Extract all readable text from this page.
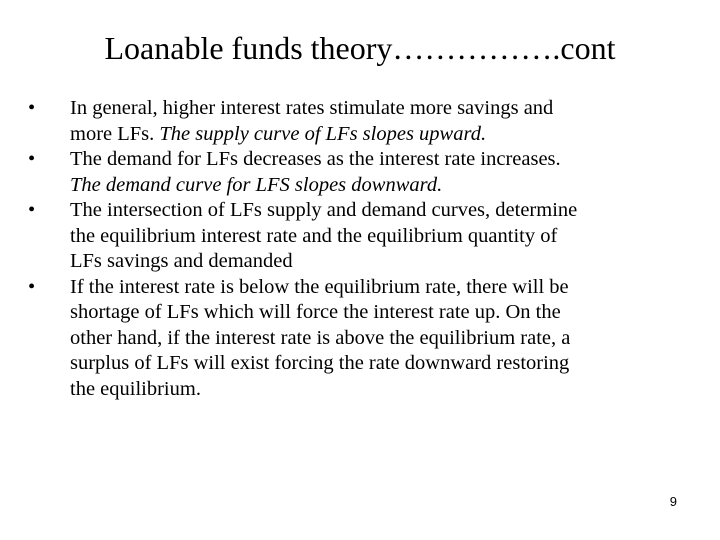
Loanable funds theory…………….cont
•	In general, higher interest rates stimulate more savings and
more LFs. The supply curve of LFs slopes upward.
•	The demand for LFs decreases as the interest rate increases.
The demand curve for LFS slopes downward.
•	The intersection of LFs supply and demand curves, determine
the equilibrium interest rate and the equilibrium quantity of
LFs savings and demanded
•	If the interest rate is below the equilibrium rate, there will be
shortage of LFs which will force the interest rate up. On the
other hand, if the interest rate is above the equilibrium rate, a
surplus of LFs will exist forcing the rate downward restoring
the equilibrium.
9
